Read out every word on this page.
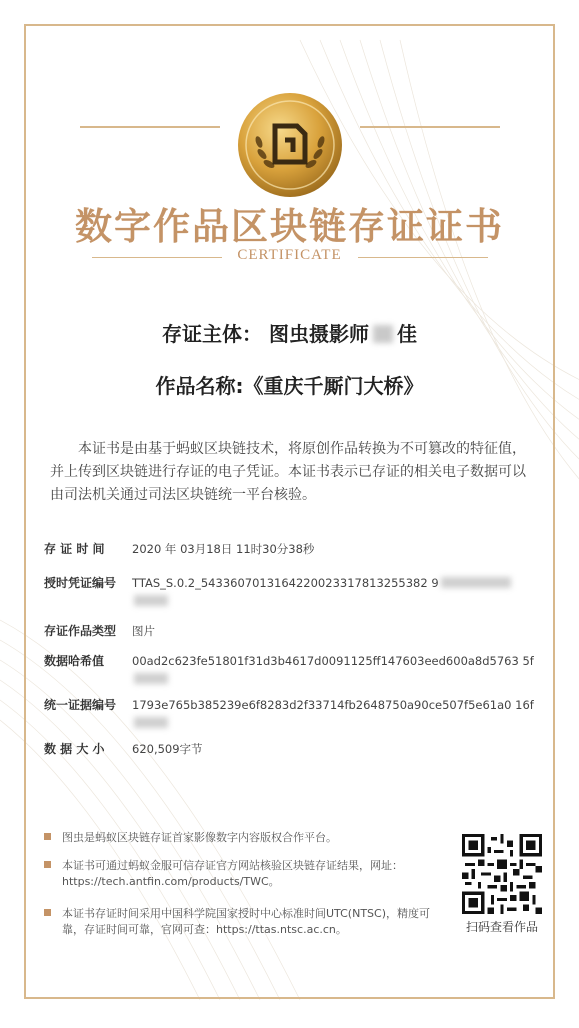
数字作品区块链存证证书
CERTIFICATE
存证主体： 图虫摄影师 佳
作品名称:《重庆千厮门大桥》
本证书是由基于蚂蚁区块链技术，将原创作品转换为不可篡改的特征值，并上传到区块链进行存证的电子凭证。本证书表示已存证的相关电子数据可以由司法机关通过司法区块链统一平台核验。
存 证 时 间	2020 年 03月18日 11时30分38秒
授时凭证编号	TTAS_S.0.2_5433607013164220023317813255382 9

存证作品类型	图片
数据哈希值	00ad2c623fe51801f31d3b4617d0091125ff147603eed600a8d5763 5f
统一证据编号	1793e765b385239e6f8283d2f33714fb2648750a90ce507f5e61a0 16f
数 据 大 小	620,509字节
图虫是蚂蚁区块链存证首家影像数字内容版权合作平台。
本证书可通过蚂蚁金服可信存证官方网站核验区块链存证结果，网址：https://tech.antfin.com/products/TWC。
本证书存证时间采用中国科学院国家授时中心标准时间UTC(NTSC)，精度可靠，存证时间可靠，官网可查：https://ttas.ntsc.ac.cn。	扫码查看作品
